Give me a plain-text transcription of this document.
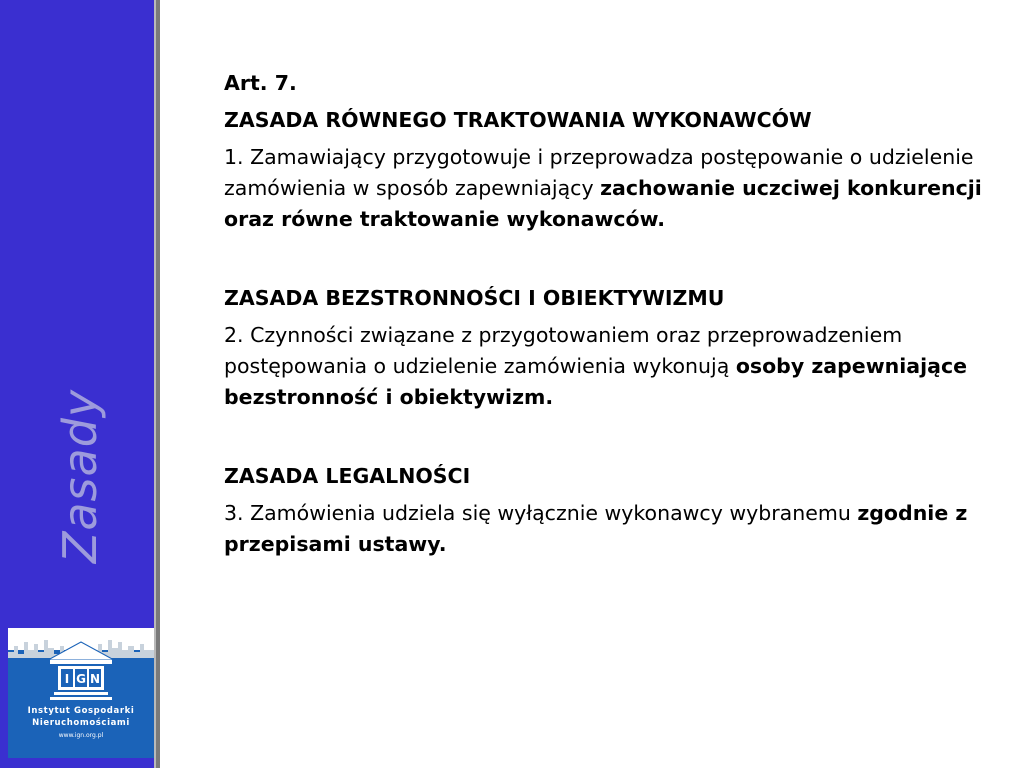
Zasady
I G N
Instytut Gospodarki
Nieruchomościami
www.ign.org.pl

Art. 7.

ZASADA RÓWNEGO TRAKTOWANIA WYKONAWCÓW

1. Zamawiający przygotowuje i przeprowadza postępowanie o udzielenie zamówienia w sposób zapewniający zachowanie uczciwej konkurencji oraz równe traktowanie wykonawców.

ZASADA BEZSTRONNOŚCI I OBIEKTYWIZMU

2. Czynności związane z przygotowaniem oraz przeprowadzeniem postępowania o udzielenie zamówienia wykonują osoby zapewniające bezstronność i obiektywizm.

ZASADA LEGALNOŚCI

3. Zamówienia udziela się wyłącznie wykonawcy wybranemu zgodnie z przepisami ustawy.
